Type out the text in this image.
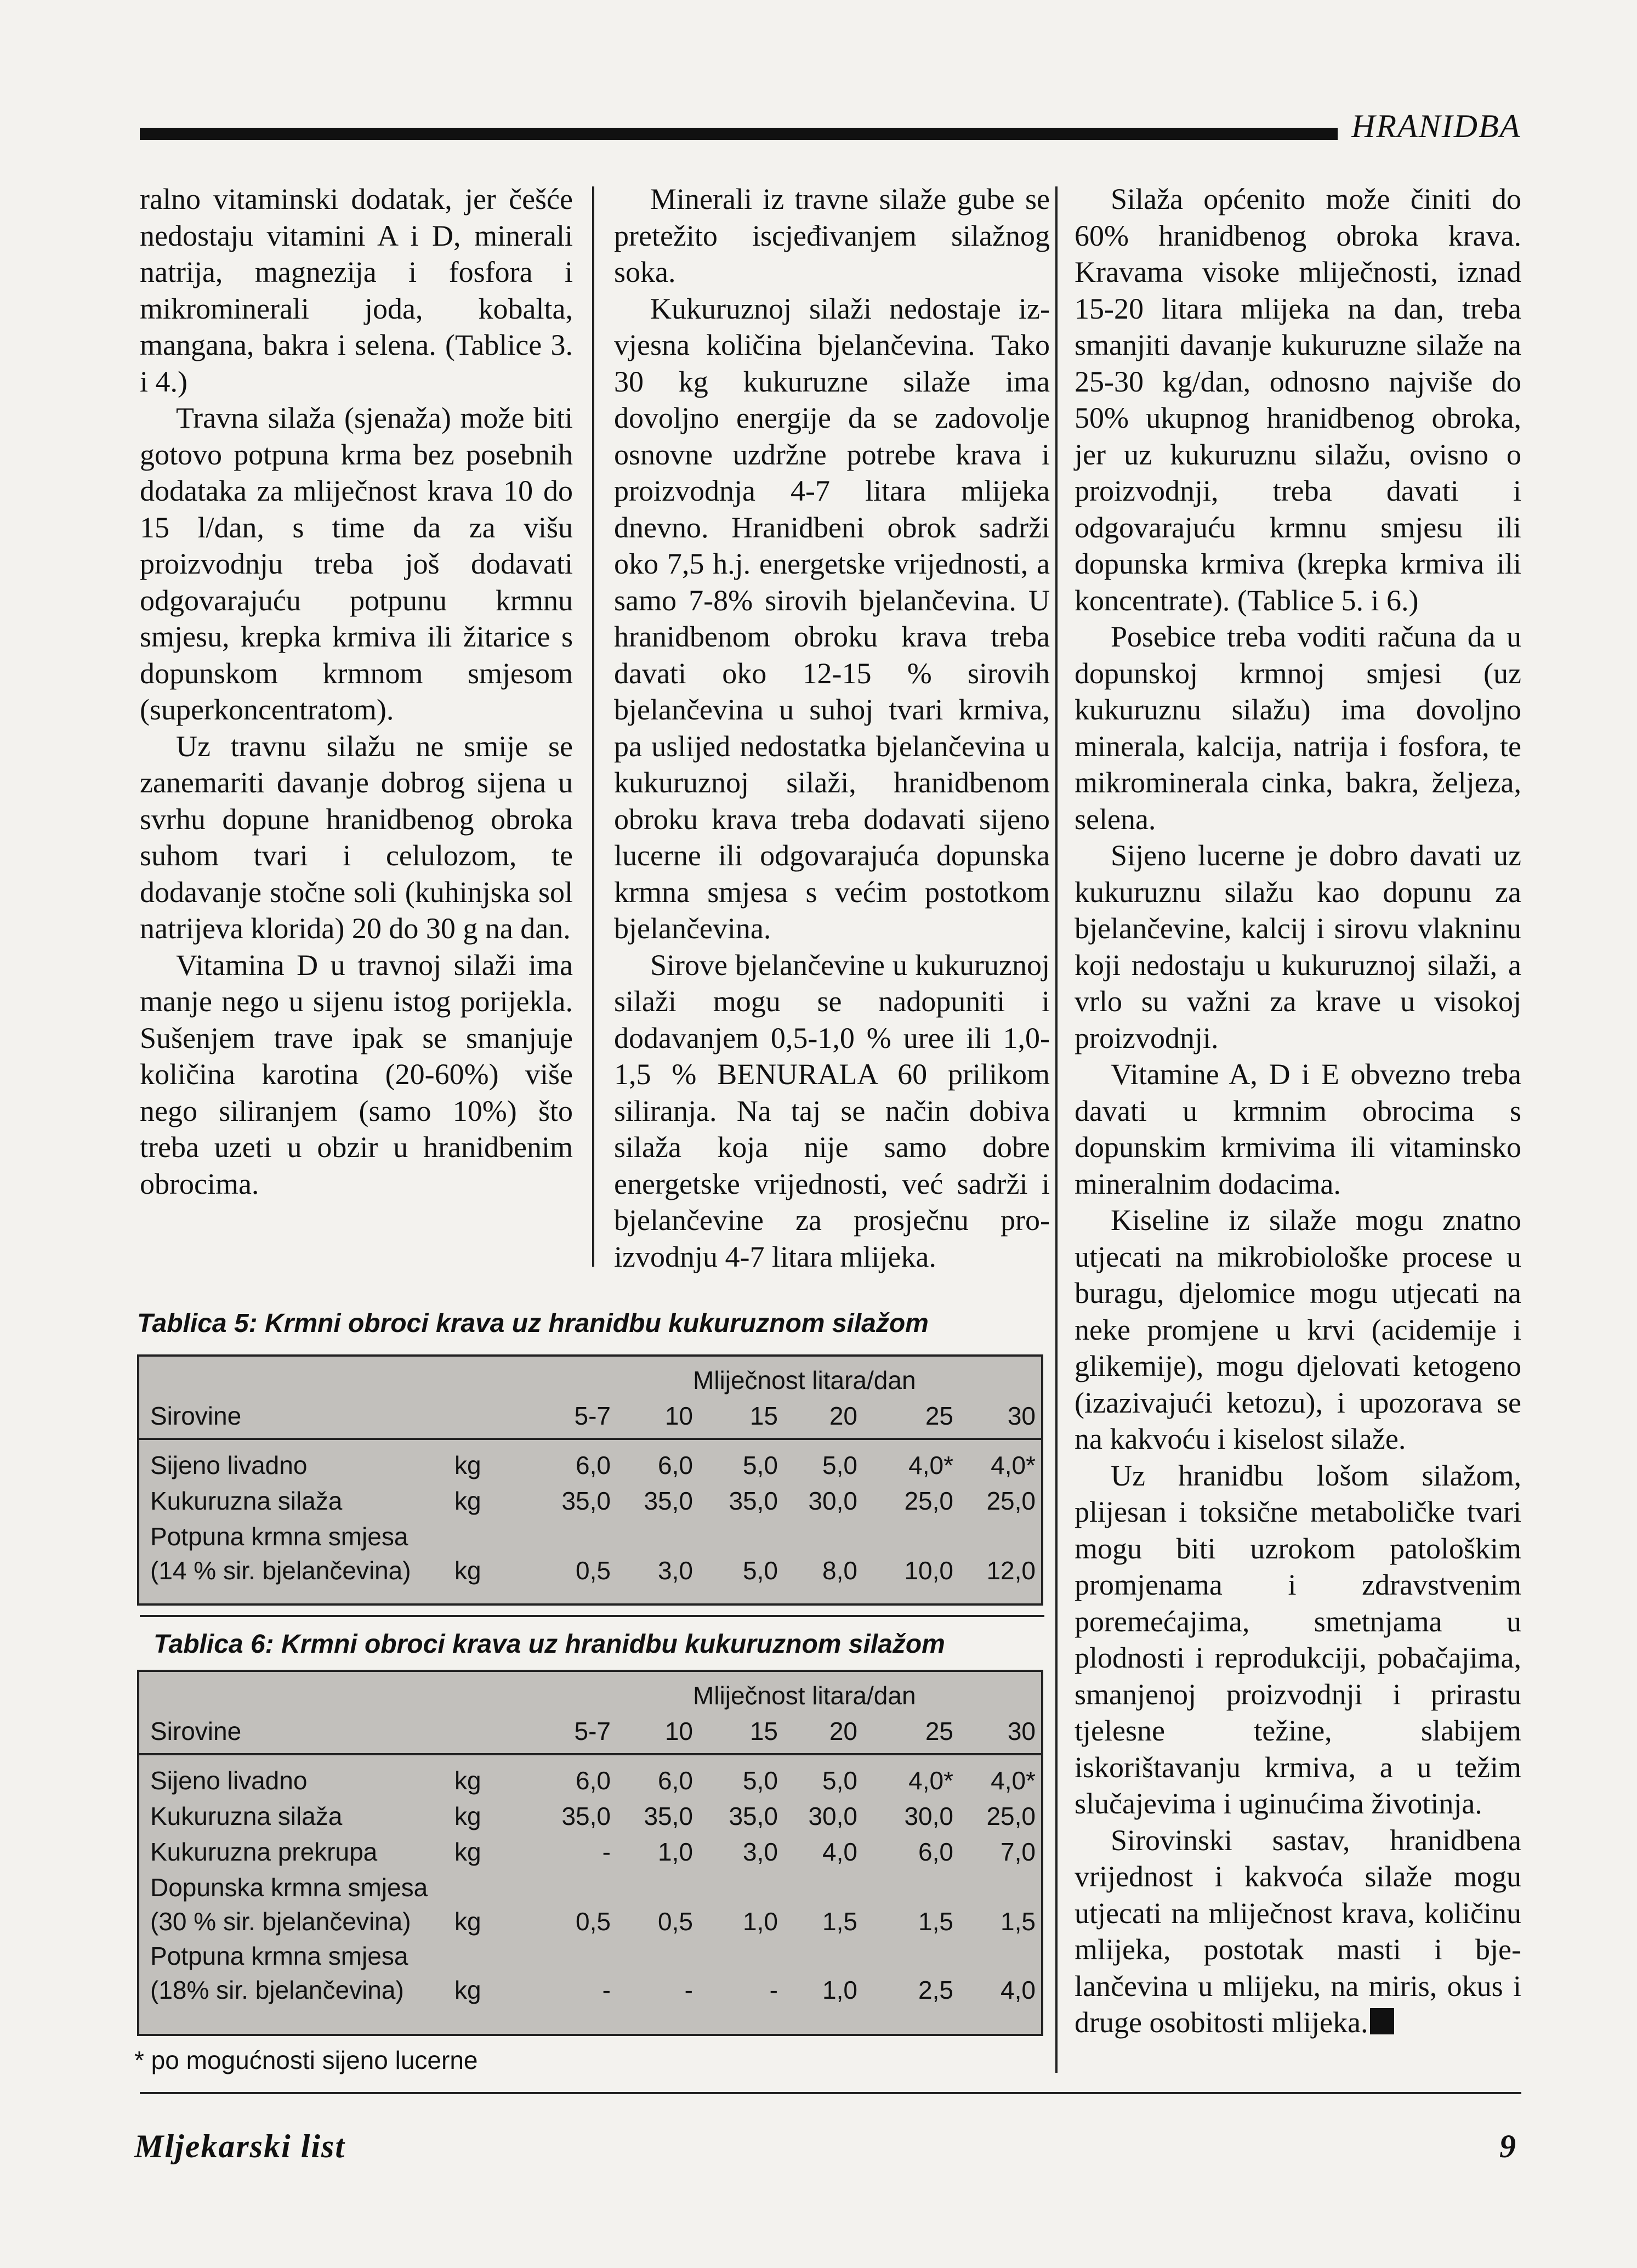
HRANIDBA

ralno vitaminski dodatak, jer češće nedostaju vitamini A i D, minerali natrija, magnezija i fosfora i mikrominerali joda, kobalta, mangana, bakra i selena. (Tablice 3. i 4.)

Travna silaža (sjenaža) može biti gotovo potpuna krma bez posebnih dodataka za mliječnost krava 10 do 15 l/dan, s time da za višu proizvodnju treba još dodavati odgovarajuću potpunu krmnu smjesu, krepka krmiva ili žitarice s dopunskom krmnom smjesom (superkoncentratom).

Uz travnu silažu ne smije se zanemariti davanje dobrog sijena u svrhu dopune hranidbenog obroka suhom tvari i celulozom, te dodavanje stočne soli (kuhinjska sol natrijeva klorida) 20 do 30 g na dan.

Vitamina D u travnoj silaži ima manje nego u sijenu istog porijekla. Sušenjem trave ipak se smanjuje količina karotina (20-60%) više nego siliranjem (samo 10%) što treba uzeti u obzir u hranidbenim obrocima.

Minerali iz travne silaže gube se pretežito iscjeđivanjem silažnog soka.

Kukuruznoj silaži nedostaje izvjesna količina bjelančevina. Tako 30 kg kukuruzne silaže ima dovoljno energije da se zadovolje osnovne uzdržne potrebe krava i proizvodnja 4-7 litara mlijeka dnevno. Hranidbeni obrok sadrži oko 7,5 h.j. energetske vrijednosti, a samo 7-8% sirovih bjelančevina. U hranidbenom obroku krava treba davati oko 12-15 % sirovih bjelančevina u suhoj tvari krmiva, pa uslijed nedostatka bjelančevina u kukuruznoj silaži, hranidbenom obroku krava treba dodavati sijeno lucerne ili odgovarajuća dopunska krmna smjesa s većim postotkom bjelančevina.

Sirove bjelančevine u kukuruznoj silaži mogu se nadopuniti i dodavanjem 0,5-1,0 % uree ili 1,0-1,5 % BENURALA 60 prilikom siliranja. Na taj se način dobiva silaža koja nije samo dobre energetske vrijednosti, već sadrži i bjelančevine za prosječnu proizvodnju 4-7 litara mlijeka.

Silaža općenito može činiti do 60% hranidbenog obroka krava. Kravama visoke mliječnosti, iznad 15-20 litara mlijeka na dan, treba smanjiti davanje kukuruzne silaže na 25-30 kg/dan, odnosno najviše do 50% ukupnog hranidbenog obroka, jer uz kukuruznu silažu, ovisno o proizvodnji, treba davati i odgovarajuću krmnu smjesu ili dopunska krmiva (krepka krmiva ili koncentrate). (Tablice 5. i 6.)

Posebice treba voditi računa da u dopunskoj krmnoj smjesi (uz kukuruznu silažu) ima dovoljno minerala, kalcija, natrija i fosfora, te mikrominerala cinka, bakra, željeza, selena.

Sijeno lucerne je dobro davati uz kukuruznu silažu kao dopunu za bjelančevine, kalcij i sirovu vlakninu koji nedostaju u kukuruznoj silaži, a vrlo su važni za krave u visokoj proizvodnji.

Vitamine A, D i E obvezno treba davati u krmnim obrocima s dopunskim krmivima ili vitaminsko mineralnim dodacima.

Kiseline iz silaže mogu znatno utjecati na mikrobiološke procese u buragu, djelomice mogu utjecati na neke promjene u krvi (acidemije i glikemije), mogu djelovati ketogeno (izazivajući ketozu), i upozorava se na kakvoću i kiselost silaže.

Uz hranidbu lošom silažom, plijesan i toksične metaboličke tvari mogu biti uzrokom patološkim promjenama i zdravstvenim poremećajima, smetnjama u plodnosti i reprodukciji, pobačajima, smanjenoj proizvodnji i prirastu tjelesne težine, slabijem iskorištavanju krmiva, a u težim slučajevima i uginućima životinja.

Sirovinski sastav, hranidbena vrijednost i kakvoća silaže mogu utjecati na mliječnost krava, količinu mlijeka, postotak masti i bjelančevina u mlijeku, na miris, okus i druge osobitosti mlijeka.

Tablica 5: Krmni obroci krava uz hranidbu kukuruznom silažom
Mliječnost litara/dan
Sirovine	5-7	10	15	20	25	30
Sijeno livadno	kg	6,0	6,0	5,0	5,0	4,0*	4,0*
Kukuruzna silaža	kg	35,0	35,0	35,0	30,0	25,0	25,0
Potpuna krmna smjesa
(14 % sir. bjelančevina) kg	0,5	3,0	5,0	8,0	10,0	12,0
Tablica 6: Krmni obroci krava uz hranidbu kukuruznom silažom
Mliječnost litara/dan
Sirovine	5-7	10	15	20	25	30
Sijeno livadno	kg	6,0	6,0	5,0	5,0	4,0*	4,0*
Kukuruzna silaža	kg	35,0	35,0	35,0	30,0	30,0	25,0
Kukuruzna prekrupa	kg	-	1,0	3,0	4,0	6,0	7,0
Dopunska krmna smjesa
(30 % sir. bjelančevina) kg	0,5	0,5	1,0	1,5	1,5	1,5
Potpuna krmna smjesa
(18% sir. bjelančevina) kg	-	-	-	1,0	2,5	4,0
* po mogućnosti sijeno lucerne
Mljekarski list	9
